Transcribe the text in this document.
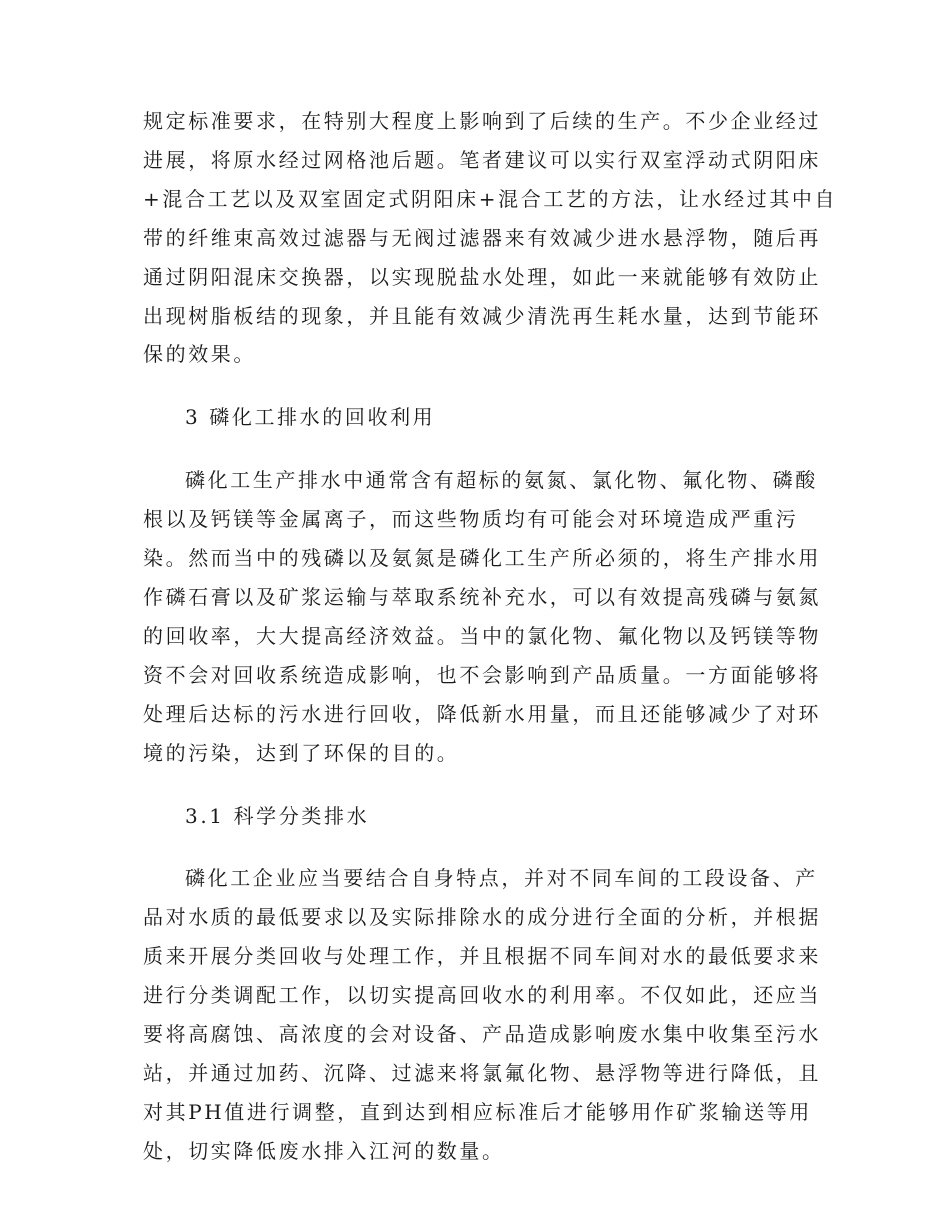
规定标准要求，在特别大程度上影响到了后续的生产。不少企业经过
进展，将原水经过网格池后题。笔者建议可以实行双室浮动式阴阳床
+混合工艺以及双室固定式阴阳床+混合工艺的方法，让水经过其中自
带的纤维束高效过滤器与无阀过滤器来有效减少进水悬浮物，随后再
通过阴阳混床交换器，以实现脱盐水处理，如此一来就能够有效防止
出现树脂板结的现象，并且能有效减少清洗再生耗水量，达到节能环
保的效果。

3 磷化工排水的回收利用

磷化工生产排水中通常含有超标的氨氮、氯化物、氟化物、磷酸
根以及钙镁等金属离子，而这些物质均有可能会对环境造成严重污
染。然而当中的残磷以及氨氮是磷化工生产所必须的，将生产排水用
作磷石膏以及矿浆运输与萃取系统补充水，可以有效提高残磷与氨氮
的回收率，大大提高经济效益。当中的氯化物、氟化物以及钙镁等物
资不会对回收系统造成影响，也不会影响到产品质量。一方面能够将
处理后达标的污水进行回收，降低新水用量，而且还能够减少了对环
境的污染，达到了环保的目的。

3.1 科学分类排水

磷化工企业应当要结合自身特点，并对不同车间的工段设备、产
品对水质的最低要求以及实际排除水的成分进行全面的分析，并根据
质来开展分类回收与处理工作，并且根据不同车间对水的最低要求来
进行分类调配工作，以切实提高回收水的利用率。不仅如此，还应当
要将高腐蚀、高浓度的会对设备、产品造成影响废水集中收集至污水
站，并通过加药、沉降、过滤来将氯氟化物、悬浮物等进行降低，且
对其PH值进行调整，直到达到相应标准后才能够用作矿浆输送等用
处，切实降低废水排入江河的数量。
